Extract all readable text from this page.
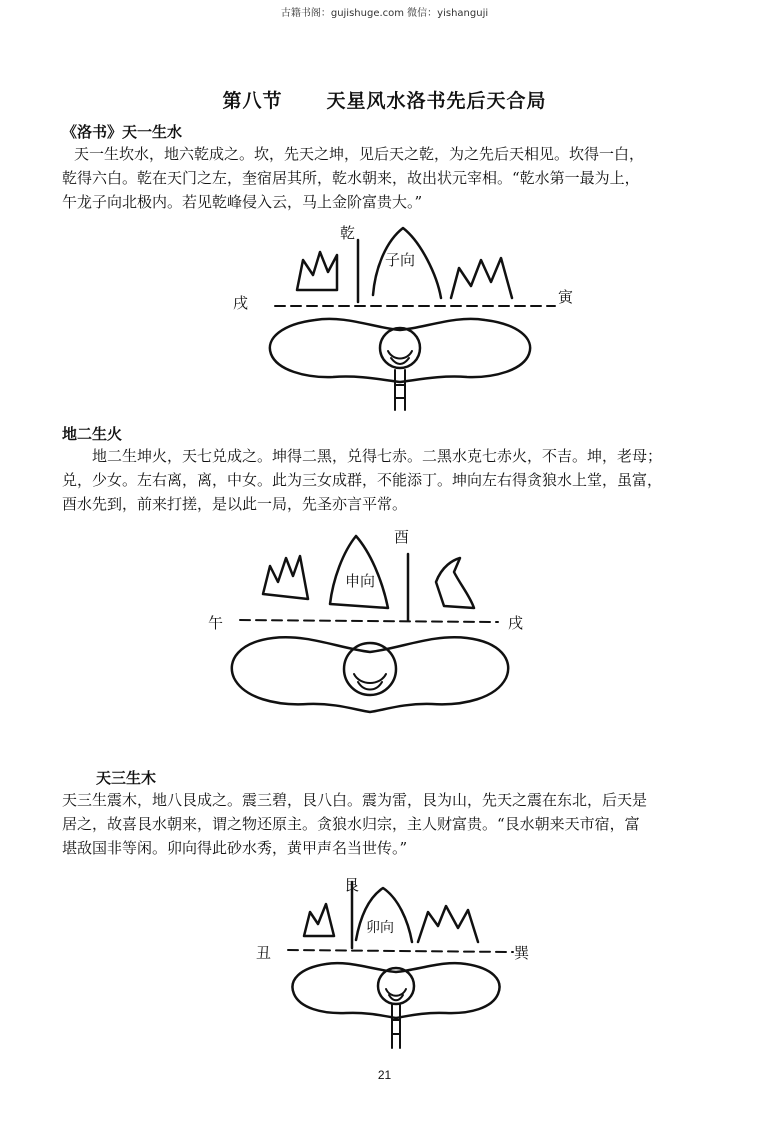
古籍书阁：gujishuge.com 微信：yishanguji
第八节 天星风水洛书先后天合局
《洛书》天一生水
天一生坎水，地六乾成之。坎，先天之坤，见后天之乾，为之先后天相见。坎得一白，
乾得六白。乾在天门之左，奎宿居其所，乾水朝来，故出状元宰相。“乾水第一最为上，
午龙子向北极内。若见乾峰侵入云，马上金阶富贵大。”
子向
乾
戌	寅
地二生火
地二生坤火，天七兑成之。坤得二黑，兑得七赤。二黑水克七赤火，不吉。坤，老母；
兑，少女。左右离，离，中女。此为三女成群，不能添丁。坤向左右得贪狼水上堂，虽富，
酉水先到，前来打搓，是以此一局，先圣亦言平常。
申向
酉
午	戌
天三生木
天三生震木，地八艮成之。震三碧，艮八白。震为雷，艮为山，先天之震在东北，后天是
居之，故喜艮水朝来，谓之物还原主。贪狼水归宗，主人财富贵。“艮水朝来天市宿，富
堪敌国非等闲。卯向得此砂水秀，黄甲声名当世传。”
卯向
艮
丑	巽
21
